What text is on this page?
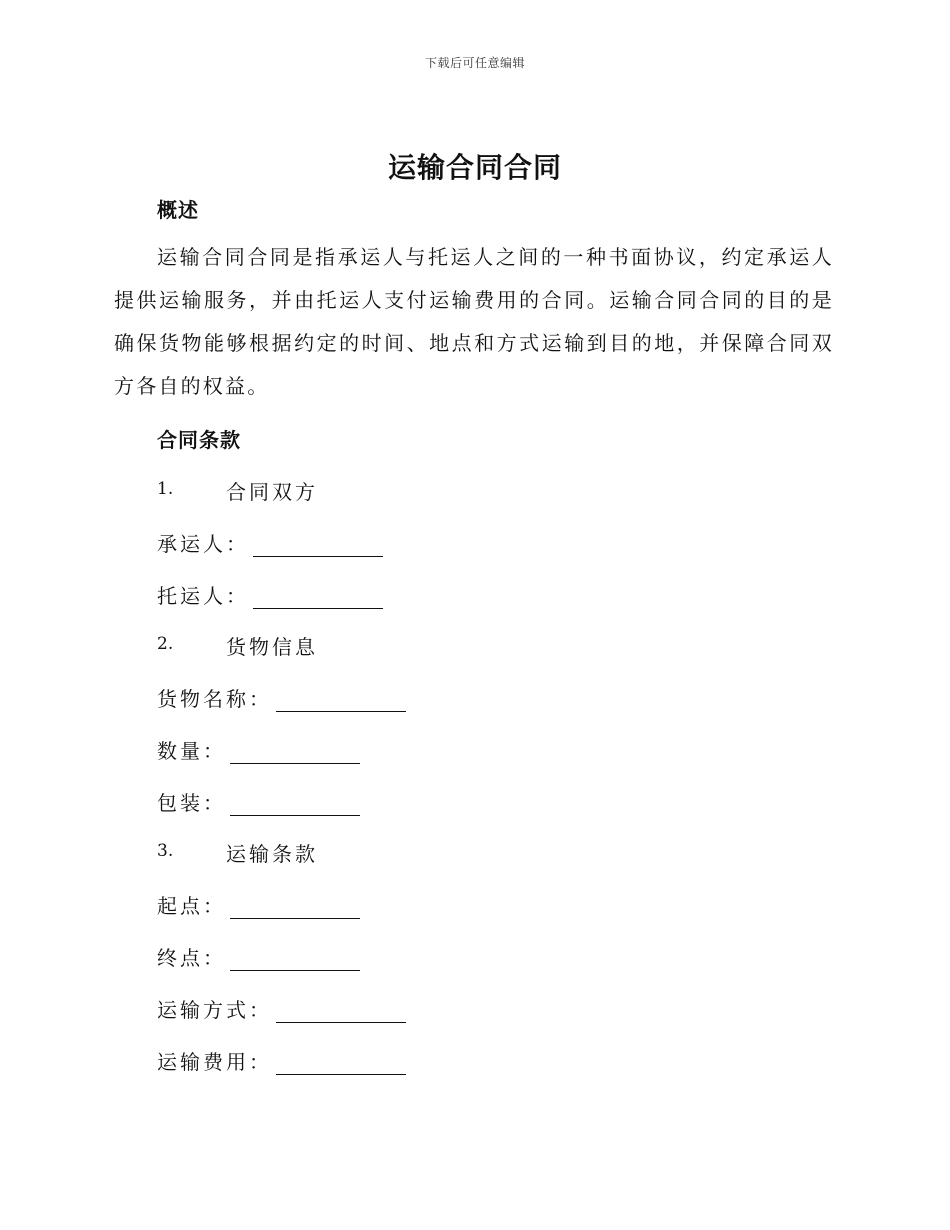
下载后可任意编辑
运输合同合同
概述
运输合同合同是指承运人与托运人之间的一种书面协议，约定承运人提供运输服务，并由托运人支付运输费用的合同。运输合同合同的目的是确保货物能够根据约定的时间、地点和方式运输到目的地，并保障合同双方各自的权益。
合同条款
1.	合同双方
承运人：
托运人：
2.	货物信息
货物名称：
数量：
包装：
3.	运输条款
起点：
终点：
运输方式：
运输费用：
